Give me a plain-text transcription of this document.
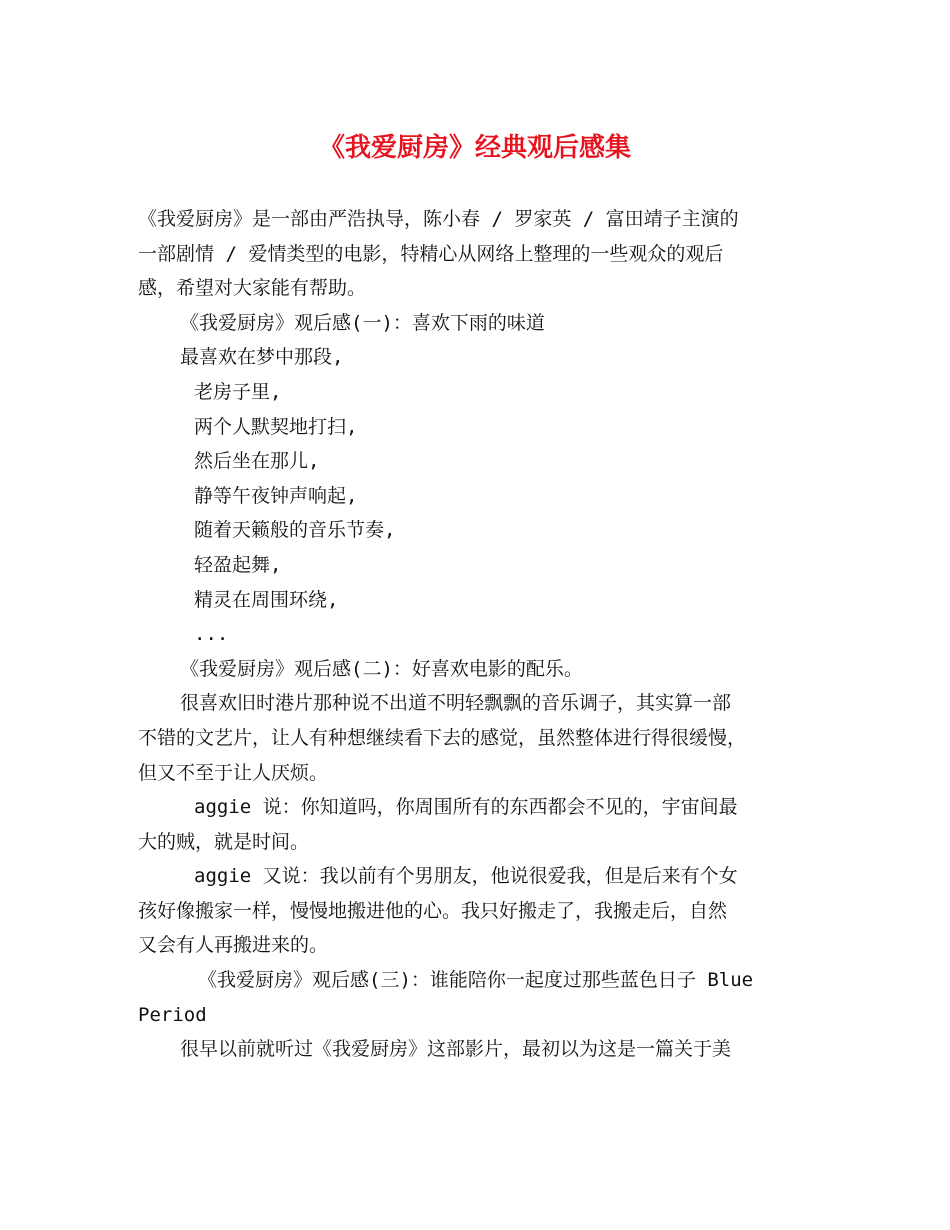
《我爱厨房》经典观后感集
《我爱厨房》是一部由严浩执导，陈小春 / 罗家英 / 富田靖子主演的
一部剧情 / 爱情类型的电影，特精心从网络上整理的一些观众的观后
感，希望对大家能有帮助。
《我爱厨房》观后感(一)：喜欢下雨的味道
最喜欢在梦中那段,
老房子里,
两个人默契地打扫,
然后坐在那儿,
静等午夜钟声响起,
随着天籁般的音乐节奏,
轻盈起舞,
精灵在周围环绕,
...
《我爱厨房》观后感(二)：好喜欢电影的配乐。
很喜欢旧时港片那种说不出道不明轻飘飘的音乐调子，其实算一部
不错的文艺片，让人有种想继续看下去的感觉，虽然整体进行得很缓慢，
但又不至于让人厌烦。
aggie 说：你知道吗，你周围所有的东西都会不见的，宇宙间最
大的贼，就是时间。
aggie 又说：我以前有个男朋友，他说很爱我，但是后来有个女
孩好像搬家一样，慢慢地搬进他的心。我只好搬走了，我搬走后，自然
又会有人再搬进来的。
《我爱厨房》观后感(三)：谁能陪你一起度过那些蓝色日子 Blue
Period
很早以前就听过《我爱厨房》这部影片，最初以为这是一篇关于美
